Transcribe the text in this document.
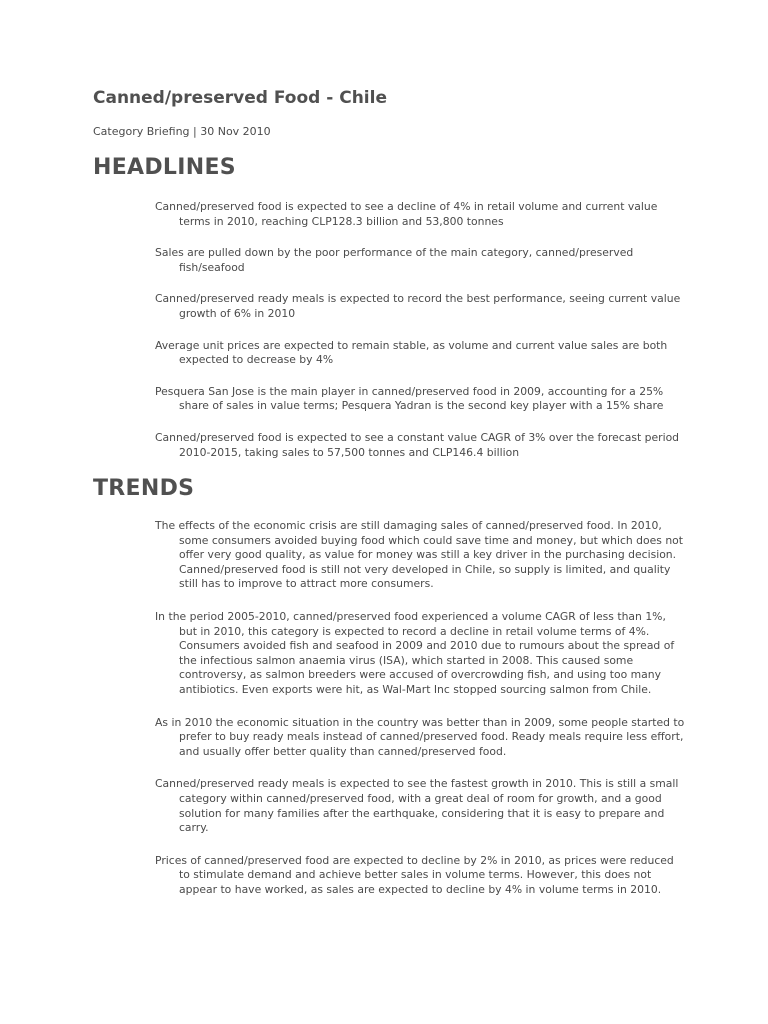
Canned/preserved Food - Chile

Category Briefing | 30 Nov 2010

HEADLINES
Canned/preserved food is expected to see a decline of 4% in retail volume and current value terms in 2010, reaching CLP128.3 billion and 53,800 tonnes
Sales are pulled down by the poor performance of the main category, canned/preserved fish/seafood
Canned/preserved ready meals is expected to record the best performance, seeing current value growth of 6% in 2010
Average unit prices are expected to remain stable, as volume and current value sales are both expected to decrease by 4%
Pesquera San Jose is the main player in canned/preserved food in 2009, accounting for a 25% share of sales in value terms; Pesquera Yadran is the second key player with a 15% share
Canned/preserved food is expected to see a constant value CAGR of 3% over the forecast period 2010-2015, taking sales to 57,500 tonnes and CLP146.4 billion
TRENDS
The effects of the economic crisis are still damaging sales of canned/preserved food. In 2010, some consumers avoided buying food which could save time and money, but which does not offer very good quality, as value for money was still a key driver in the purchasing decision. Canned/preserved food is still not very developed in Chile, so supply is limited, and quality still has to improve to attract more consumers.
In the period 2005-2010, canned/preserved food experienced a volume CAGR of less than 1%, but in 2010, this category is expected to record a decline in retail volume terms of 4%. Consumers avoided fish and seafood in 2009 and 2010 due to rumours about the spread of the infectious salmon anaemia virus (ISA), which started in 2008. This caused some controversy, as salmon breeders were accused of overcrowding fish, and using too many antibiotics. Even exports were hit, as Wal-Mart Inc stopped sourcing salmon from Chile.
As in 2010 the economic situation in the country was better than in 2009, some people started to prefer to buy ready meals instead of canned/preserved food. Ready meals require less effort, and usually offer better quality than canned/preserved food.
Canned/preserved ready meals is expected to see the fastest growth in 2010. This is still a small category within canned/preserved food, with a great deal of room for growth, and a good solution for many families after the earthquake, considering that it is easy to prepare and carry.
Prices of canned/preserved food are expected to decline by 2% in 2010, as prices were reduced to stimulate demand and achieve better sales in volume terms. However, this does not appear to have worked, as sales are expected to decline by 4% in volume terms in 2010.
